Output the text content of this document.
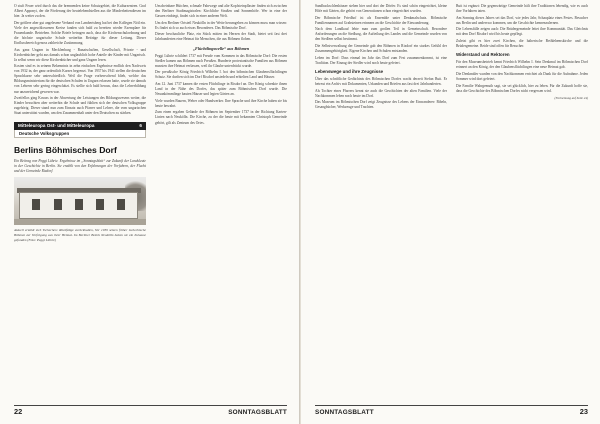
Ö stuft Feuer wird durch das die brennenden keine Schutzgebiet, die Kulturzentren. Graf Albert Apponyi, der die Förderung der heutelebendstellen aus die Minderheitendiesen im hier. Ja weiter zu den.

Der größere aber gut angelesene Verband von Lambertsberg hat bei den Kollegen Nötl ein. Viele der angeschlossenen Kreise fanden sich bald zu bereiten wieder Exemplare für Frauenkunde. Betrieben. Solche Briefe betragen auch, dass die Kirchenschulordnung und die höchste ungarische Schule weiterhin Beiträge für dieser Leitung. Dieser Einflussbereich genoss zahlreiche Zustimmung.

Aus ganz Ungarn in Mecklenburg - Banatschaften, Gesellschaft, Private - und Kirchenbücher geht aus damals schon unglaublich hohe Anteile der Kinder mit Ungarisch. Ja selbst wenn wir diese Kirchenbücher und ganz Ungarn lesen.

Kosten sind es in seinem Bekenntnis in zehn einfachen Ergebnisse endlich den Nachweis von 1932 in, der ganz ordentlich Kurses begrenzt. Von 1937 bis 1941 stellen die deutschen Sprachkurse sehr unterschiedlich. Weil die Frage vorherrschend blieb, welche das Bildungsministerium für die deutschen Schulen in Ungarn erlassen hatte, wurde sie damals von Lehrern sehr gering eingeschätzt. Es stellte sich bald heraus, dass die Lehrerbildung nur unzureichend gewesen war.

Zweifellos ging Kosuss in der Abwertung der Leistungen des Bildungswesens weiter, die Kinder besuchten aber weiterhin die Schule und fühlten sich der deutschen Volksgruppe zugehörig. Dieser stand nun zum Einsatz auch Pfarrer und Lehrer, die vom ungarischen Staat unterstützt wurden, um den Zusammenhalt unter den Deutschen zu stärken.

Mitteleuropa Ost- und Mitteleuropa	6
Deutsche Volksgruppen
Berlins Böhmisches Dorf
Ein Beitrag von Peggi Lührie. Ergebnisse im „Sonntagsblatt“ zur Zukunft der Landsleute in der Geschichte in Berlin. Sie erzählt von den Erfahrungen der Vorfahren, der Flucht und der Gemeinde Rixdorf.
Aktuell erzählt sich Tschechen: Rückfälige zurückhalten, Vor 1939 setzen früher tschechische Böhmen zur Verfolgung aus ihrer Heimat. Im Berliner Bezirk Neukölln haben sie ein Zuhause gefunden (Foto: Peggi Lührie)

Unscheinbare Hütchen, schmale Fahrwege und alte Kopfsteinpflaster finden sich zwischen den Berliner Stadtmagistralen: Kirchliche Straßen und Sonnenhöfe. Wer in eine der Gassen einbiegt, findet sich in einer anderen Welt.

Um den Berliner Ortsteil Neukölln in der Weite herumgehen zu können muss man wissen: Es findet sich so auch etwas Besonderes. Das Böhmische Dorf.

Dieser beschauliche Platz, ein Stück mitten im Herzen der Stadt, bietet seit fast drei Jahrhunderten eine Heimat für Menschen, die aus Böhmen flohen.

„Flüchtlingswelle“ aus Böhmen

Peggi Lührie schildert 1737 mit Freude vom Kommen in das Böhmische Dorf: Die ersten Siedler kamen aus Böhmen nach Preußen. Hunderte protestantische Familien aus Böhmen mussten ihre Heimat verlassen, weil ihr Glaube unterdrückt wurde.

Der preußische König Friedrich Wilhelm I. bot den böhmischen Glaubensflüchtlingen Schutz. Sie durften sich im Dorf Rixdorf ansiedeln und erhielten Land und Häuser.

Am 12. Juni 1737 kamen die ersten Flüchtlinge in Rixdorf an. Der König schenkte ihnen Land in der Nähe des Dorfes, das später zum Böhmischen Dorf wurde. Die Neuankömmlinge bauten Häuser und legten Gärten an.

Viele wurden Bauern, Weber oder Handwerker. Ihre Sprache und ihre Kirche haben sie bis heute bewahrt.

Zum einen ergaben Gelände der Böhmen im September 1737 in der Richtung Karten-Linien nach Neukölln. Die Kirche, zu der die heute mit bekannten Christoph Gemeinde gehört, gilt als Zentrum des Ortes.

22	SONNTAGSBLATT

Sandbackschlenhäuser stehen hier und dort der Dörfer. Es sind schön eingerichtet, kleine Höfe mit Gärten, die gehört von Generationen schon eingerichtet wurden.

Der Böhmische Friedhof ist als Ensemble unter Denkmalschutz. Böhmische Familiennamen auf Grabsteinen erinnern an die Geschichte der Einwanderung.

Nach dem Landkauf lebte man zum großen Teil in Gemeinschaft. Besondere Anforderungen an die Siedlung, die Aufteilung des Landes und die Gemeinde wurden von den Siedlern selbst bestimmt.

Die Selbstverwaltung der Gemeinde gab den Böhmen in Rixdorf ein starkes Gefühl der Zusammengehörigkeit. Eigene Kirchen und Schulen entstanden.

Leben im Dorf: Dass einmal im Jahr das Dorf zum Fest zusammenkommt, ist eine Tradition. Der Einzug der Siedler wird noch heute gefeiert.

Lebenswege und ihre Zeugnisse

Über das schriftliche Gedächtnis des Böhmischen Dorfes wacht derzeit Stefan Butt. Er betreut ein Archiv mit Dokumenten, Urkunden und Briefen aus fast drei Jahrhunderten.

Als Tochter eines Pfarrers kennt sie auch die Geschichten der alten Familien. Viele der Nachkommen leben noch heute im Dorf.

Das Museum im Böhmischen Dorf zeigt Zeugnisse des Lebens der Einwanderer: Bibeln, Gesangbücher, Werkzeuge und Trachten.

Butt ist ergänzt: Die gegenwärtige Gemeinde hält ihre Traditionen lebendig, wie es auch ihre Vorfahren taten.

Am Sonntag dieses Jahres sei das Dorf, wie jedes Jahr, Schauplatz eines Festes. Besucher aus Berlin und anderswo kommen, um die Geschichte kennenzulernen.

Die Lebensfälle zeigen auch: Die Brüdergemeinde leitet ihre Kommunität. Das Gleichnis mit dem Dorf Rixdorf wird bis heute gepflegt.

Zuletzt gibt es hier zwei Kirchen, die lutherische Bethlehemskirche und die Brüdergemeine. Beide sind offen für Besucher.

Widerstand und Rektoren

Für den Museumsbetrieb kennt Friedrich Wilhelm I. Sein Denkmal im Böhmischen Dorf erinnert an den König, der den Glaubensflüchtlingen eine neue Heimat gab.

Die Denkmäler wurden von den Nachkommen errichtet als Dank für die Aufnahme. Jeden Sommer wird dort gefeiert.

Die Familie Wahrgemuth sagt, sie sei glücklich, hier zu leben. Für die Zukunft hoffe sie, dass die Geschichte des Böhmischen Dorfes nicht vergessen wird.

(Fortsetzung auf Seite 24)
SONNTAGSBLATT	23
